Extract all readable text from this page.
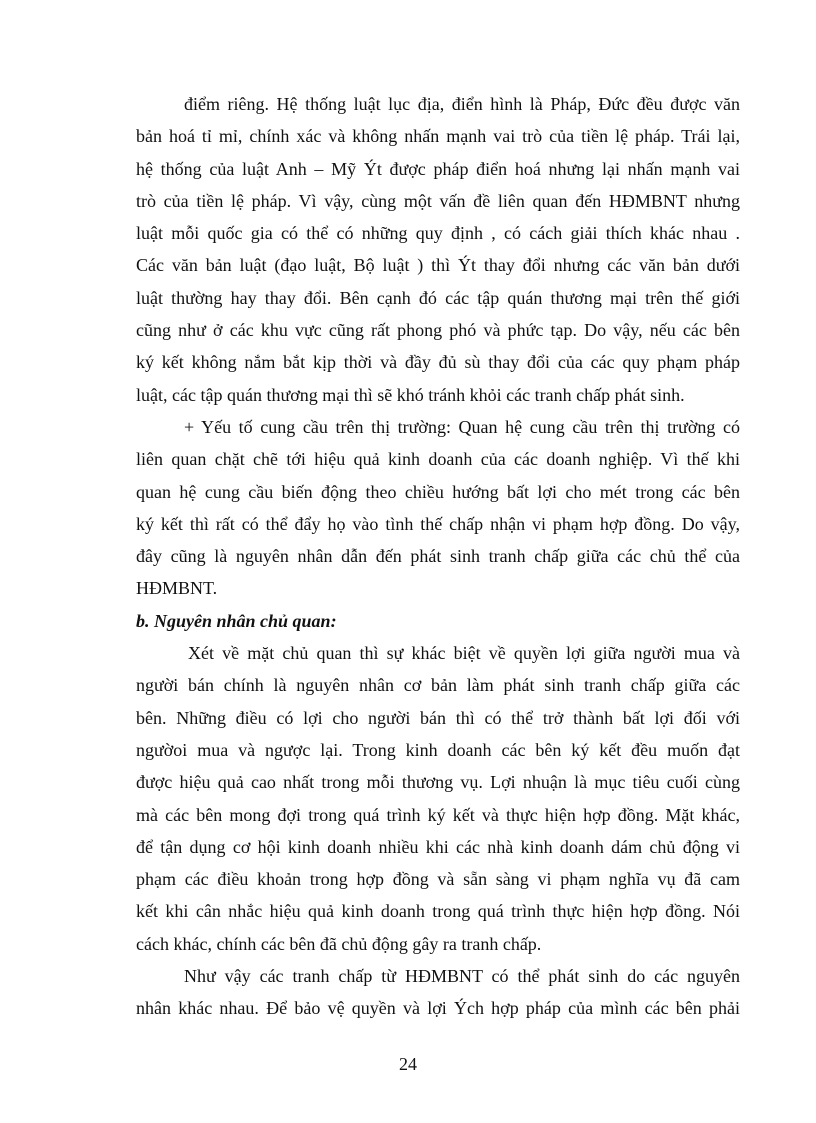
điểm riêng. Hệ thống luật lục địa, điển hình là Pháp, Đức đều được văn
bản hoá tỉ mỉ, chính xác và không nhấn mạnh vai trò của tiền lệ pháp. Trái lại,
hệ thống của luật Anh – Mỹ Ýt được pháp điển hoá nhưng lại nhấn mạnh vai
trò của tiền lệ pháp. Vì vậy, cùng một vấn đề liên quan đến HĐMBNT nhưng
luật mỗi quốc gia có thể có những quy định , có cách giải thích khác nhau .
Các văn bản luật (đạo luật, Bộ luật ) thì Ýt thay đổi nhưng các văn bản dưới
luật thường hay thay đổi. Bên cạnh đó các tập quán thương mại trên thế giới
cũng như ở các khu vực cũng rất phong phó và phức tạp. Do vậy, nếu các bên
ký kết không nắm bắt kịp thời và đầy đủ sù thay đổi của các quy phạm pháp
luật, các tập quán thương mại thì sẽ khó tránh khỏi các tranh chấp phát sinh.
+ Yếu tố cung cầu trên thị trường: Quan hệ cung cầu trên thị trường có
liên quan chặt chẽ tới hiệu quả kinh doanh của các doanh nghiệp. Vì thế khi
quan hệ cung cầu biến động theo chiều hướng bất lợi cho mét trong các bên
ký kết thì rất có thể đẩy họ vào tình thế chấp nhận vi phạm hợp đồng. Do vậy,
đây cũng là nguyên nhân dẫn đến phát sinh tranh chấp giữa các chủ thể của
HĐMBNT.
b. Nguyên nhân chủ quan:
Xét về mặt chủ quan thì sự khác biệt về quyền lợi giữa người mua và
người bán chính là nguyên nhân cơ bản làm phát sinh tranh chấp giữa các
bên. Những điều có lợi cho người bán thì có thể trở thành bất lợi đối với
ngườoi mua và ngược lại. Trong kinh doanh các bên ký kết đều muốn đạt
được hiệu quả cao nhất trong mỗi thương vụ. Lợi nhuận là mục tiêu cuối cùng
mà các bên mong đợi trong quá trình ký kết và thực hiện hợp đồng. Mặt khác,
để tận dụng cơ hội kinh doanh nhiều khi các nhà kinh doanh dám chủ động vi
phạm các điều khoản trong hợp đồng và sẵn sàng vi phạm nghĩa vụ đã cam
kết khi cân nhắc hiệu quả kinh doanh trong quá trình thực hiện hợp đồng. Nói
cách khác, chính các bên đã chủ động gây ra tranh chấp.
Như vậy các tranh chấp từ HĐMBNT có thể phát sinh do các nguyên
nhân khác nhau. Để bảo vệ quyền và lợi Ých hợp pháp của mình các bên phải
24
